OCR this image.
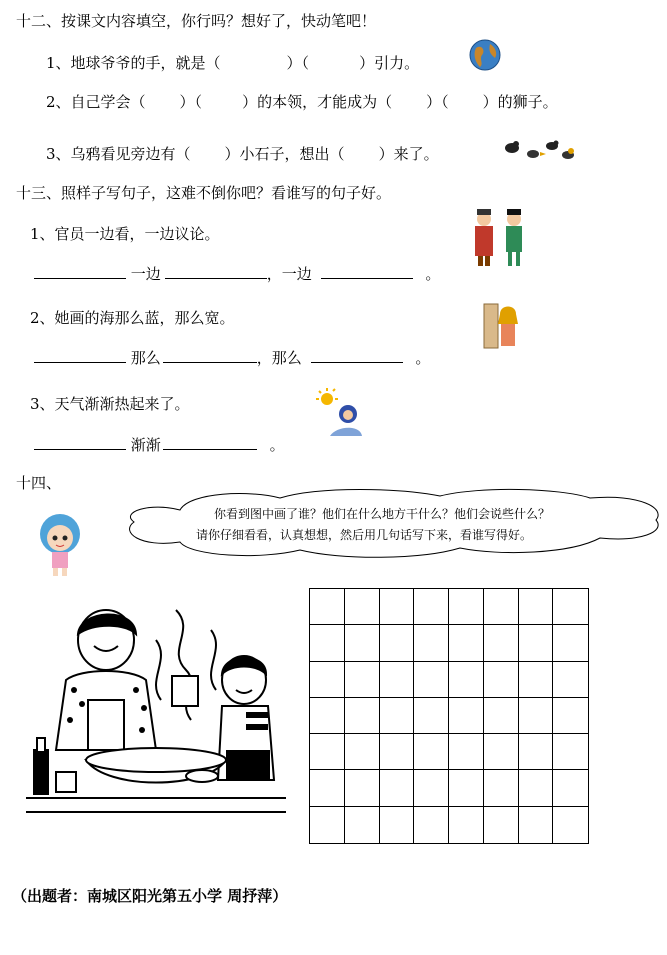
十二、按课文内容填空，你行吗？想好了，快动笔吧！
1、地球爷爷的手，就是（	）（	）引力。
2、自己学会（ ）（	）的本领，才能成为（ ）（ ）的狮子。
3、乌鸦看见旁边有（ ）小石子，想出（ ）来了。
十三、照样子写句子，这难不倒你吧？看谁写的句子好。
1、官员一边看，一边议论。
一边	，一边	。
2、她画的海那么蓝，那么宽。
那么	，那么	。
3、天气渐渐热起来了。
渐渐	。
十四、
你看到图中画了谁？他们在什么地方干什么？他们会说些什么？
请你仔细看看，认真想想，然后用几句话写下来，看谁写得好。
（出题者：南城区阳光第五小学 周抒萍）
